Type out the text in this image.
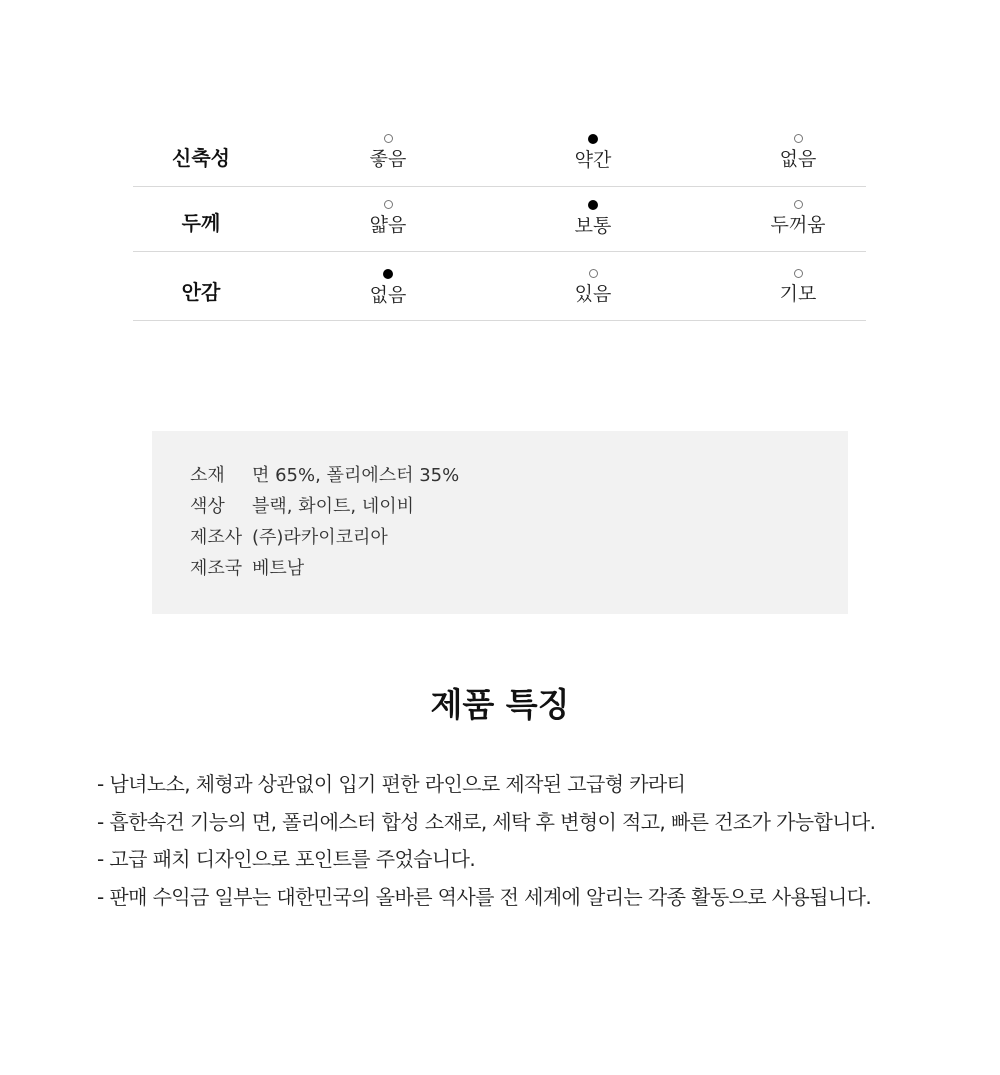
신축성	좋음	약간	없음
두께	얇음	보통	두꺼움
안감	없음	있음	기모
소재 면 65%, 폴리에스터 35%
색상 블랙, 화이트, 네이비
제조사 (주)라카이코리아
제조국 베트남
제품 특징
- 남녀노소, 체형과 상관없이 입기 편한 라인으로 제작된 고급형 카라티
- 흡한속건 기능의 면, 폴리에스터 합성 소재로, 세탁 후 변형이 적고, 빠른 건조가 가능합니다.
- 고급 패치 디자인으로 포인트를 주었습니다.
- 판매 수익금 일부는 대한민국의 올바른 역사를 전 세계에 알리는 각종 활동으로 사용됩니다.
